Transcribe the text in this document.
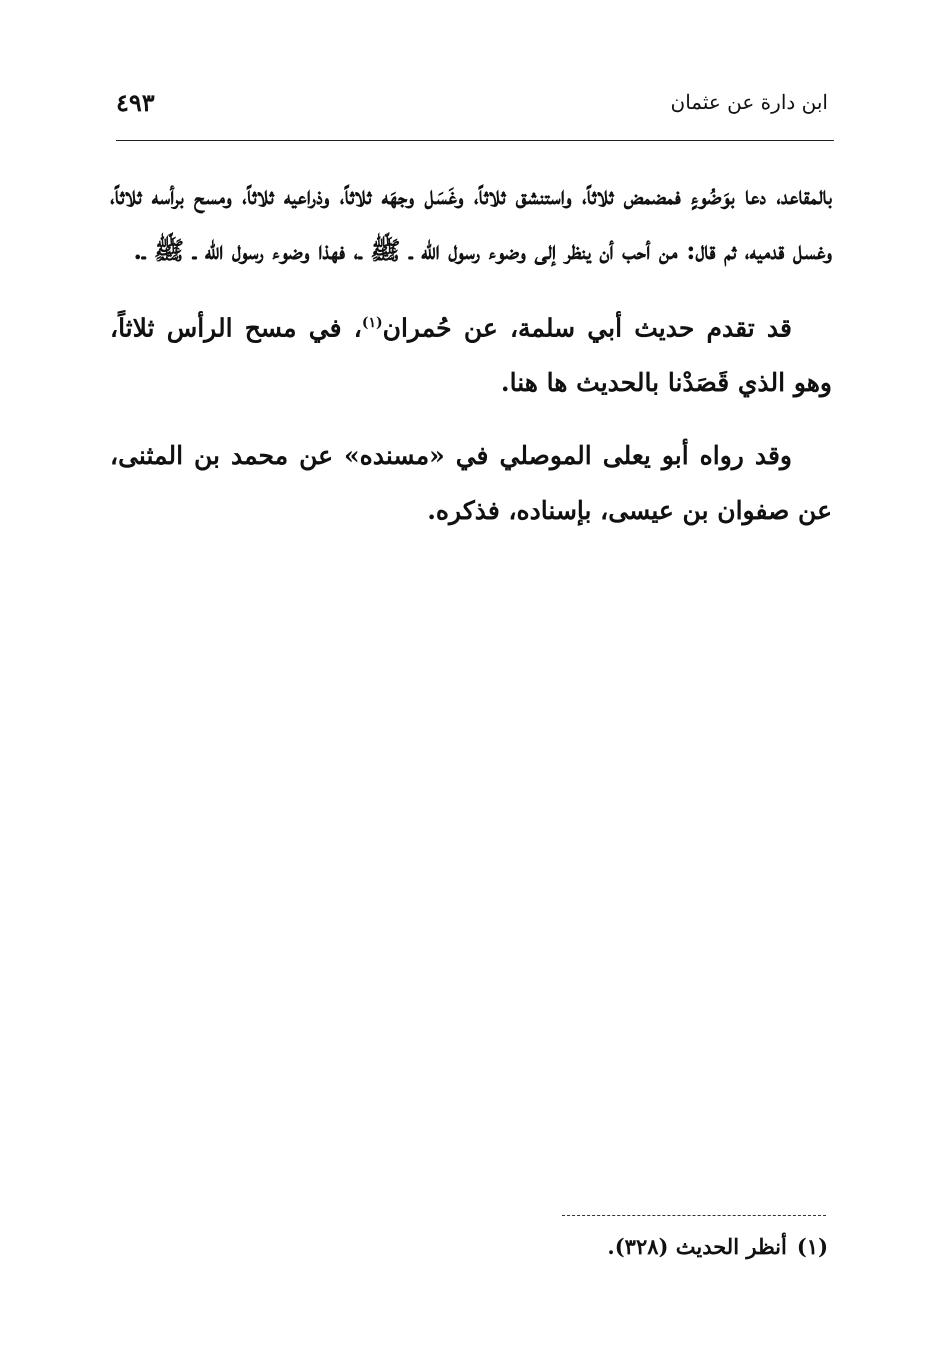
٤٩٣	ابن دارة عن عثمان

بالمقاعد، دعا بوَضُوءٍ فمضمض ثلاثاً، واستنشق ثلاثاً، وغَسَل وجهَه ثلاثاً، وذراعيه ثلاثاً، ومسح برأسه ثلاثاً، وغسل قدميه، ثم قال: من أحب أن ينظر إلى وضوء رسول الله ـ ﷺ ـ، فهذا وضوء رسول الله ـ ﷺ ـ.

قد تقدم حديث أبي سلمة، عن حُمران$^{(١)}$، في مسح الرأس ثلاثاً، وهو الذي قَصَدْنا بالحديث ها هنا.

وقد رواه أبو يعلى الموصلي في «مسنده» عن محمد بن المثنى، عن صفوان بن عيسى، بإسناده، فذكره.

(١)أنظر الحديث (٣٢٨).
